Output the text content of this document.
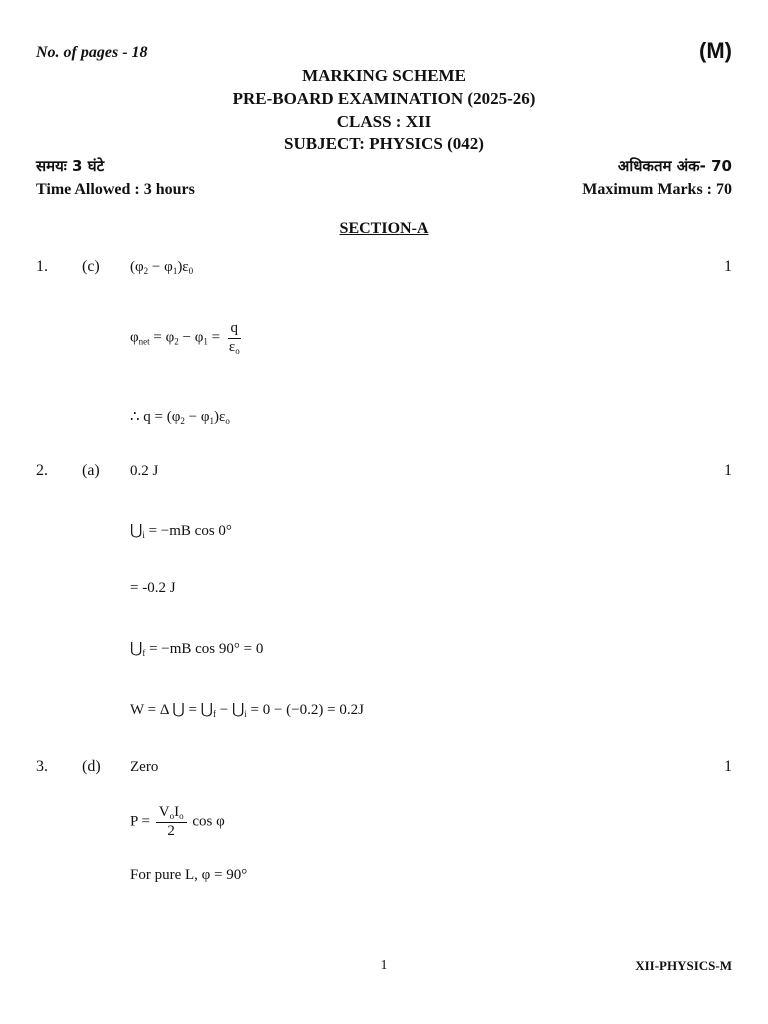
No. of pages - 18	(M)
MARKING SCHEME
PRE-BOARD EXAMINATION (2025-26)
CLASS : XII
SUBJECT: PHYSICS (042)
समयः 3 घंटे	अधिकतम अंक- 70
Time Allowed : 3 hours	Maximum Marks : 70
SECTION-A
1. (c) $(\varphi_2 - \varphi_1)\varepsilon_0$	1
$\varphi_{net} = \varphi_2 - \varphi_1 = \frac{q}{\varepsilon_o}$
∴ $q = (\varphi_2 - \varphi_1)\varepsilon_o$
2. (a) 0.2 J	1
$⋃_i = -mB$ cos 0°
= -0.2 J
$⋃_f = -mB$ cos 90° = 0
W = Δ ⋃ = $⋃_f$ − $⋃_i = 0 - (-0.2) = 0.2J$
3. (d) Zero	1
$P = \frac{V_oI_o}{2}$ cos φ
For pure L, φ = 90°
1	XII-PHYSICS-M
